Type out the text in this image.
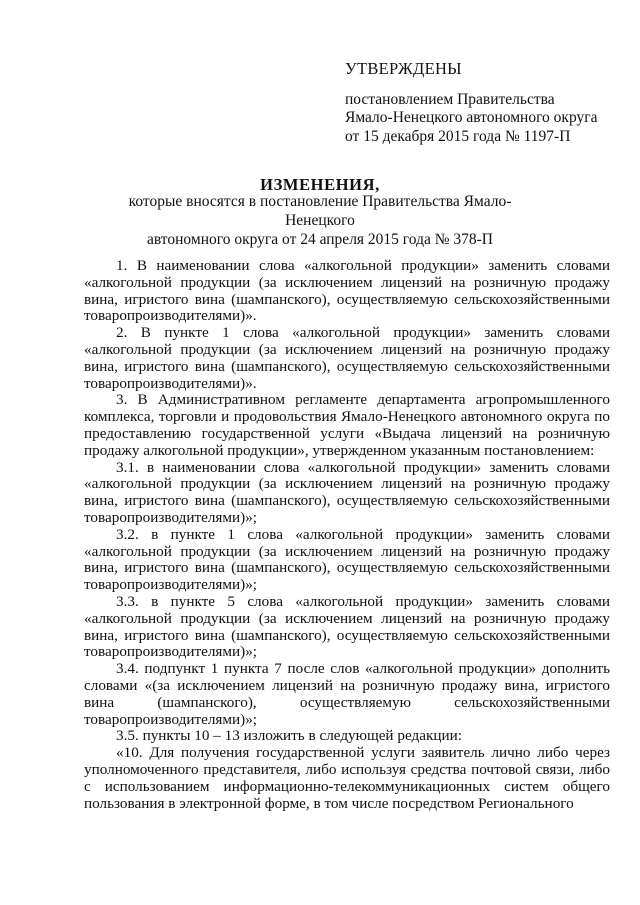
УТВЕРЖДЕНЫ
постановлением Правительства
Ямало-Ненецкого автономного округа
от 15 декабря 2015 года № 1197-П
ИЗМЕНЕНИЯ,
которые вносятся в постановление Правительства Ямало-Ненецкого
автономного округа от 24 апреля 2015 года № 378-П

1. В наименовании слова «алкогольной продукции» заменить словами «алкогольной продукции (за исключением лицензий на розничную продажу вина, игристого вина (шампанского), осуществляемую сельскохозяйственными товаропроизводителями)».

2. В пункте 1 слова «алкогольной продукции» заменить словами «алкогольной продукции (за исключением лицензий на розничную продажу вина, игристого вина (шампанского), осуществляемую сельскохозяйственными товаропроизводителями)».

3. В Административном регламенте департамента агропромышленного комплекса, торговли и продовольствия Ямало-Ненецкого автономного округа по предоставлению государственной услуги «Выдача лицензий на розничную продажу алкогольной продукции», утвержденном указанным постановлением:

3.1. в наименовании слова «алкогольной продукции» заменить словами «алкогольной продукции (за исключением лицензий на розничную продажу вина, игристого вина (шампанского), осуществляемую сельскохозяйственными товаропроизводителями)»;

3.2. в пункте 1 слова «алкогольной продукции» заменить словами «алкогольной продукции (за исключением лицензий на розничную продажу вина, игристого вина (шампанского), осуществляемую сельскохозяйственными товаропроизводителями)»;

3.3. в пункте 5 слова «алкогольной продукции» заменить словами «алкогольной продукции (за исключением лицензий на розничную продажу вина, игристого вина (шампанского), осуществляемую сельскохозяйственными товаропроизводителями)»;

3.4. подпункт 1 пункта 7 после слов «алкогольной продукции» дополнить словами «(за исключением лицензий на розничную продажу вина, игристого вина (шампанского), осуществляемую сельскохозяйственными товаропроизводителями)»;

3.5. пункты 10 – 13 изложить в следующей редакции:

«10. Для получения государственной услуги заявитель лично либо через уполномоченного представителя, либо используя средства почтовой связи, либо с использованием информационно-телекоммуникационных систем общего пользования в электронной форме, в том числе посредством Регионального
